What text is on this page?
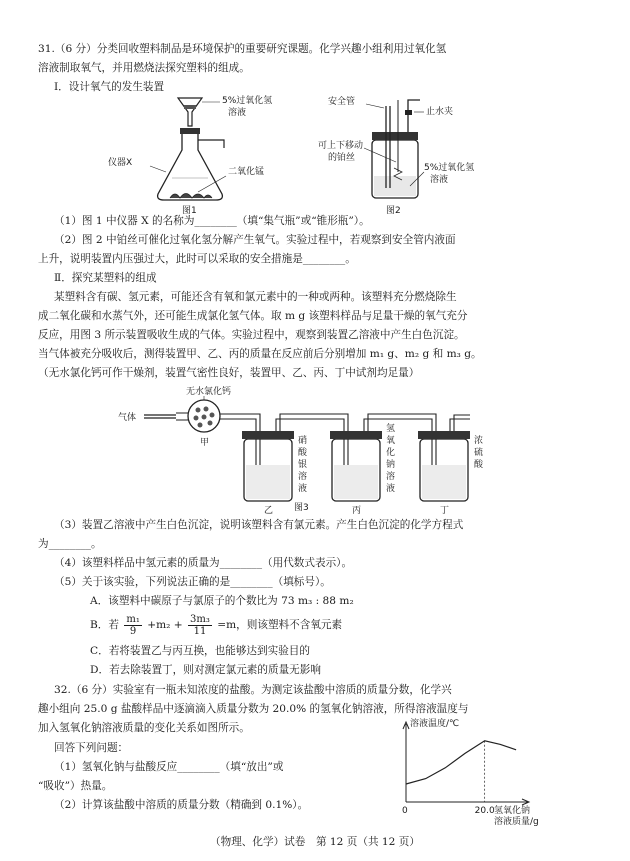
31.（6 分）分类回收塑料制品是环境保护的重要研究课题。化学兴趣小组利用过氧化氢
溶液制取氧气，并用燃烧法探究塑料的组成。
Ⅰ．设计氧气的发生装置
5%过氧化氢
溶液
仪器X
二氧化锰
图1
安全管
止水夹
可上下移动
的铂丝
5%过氧化氢
溶液
图2
（1）图 1 中仪器 X 的名称为________（填“集气瓶”或“锥形瓶”）。
（2）图 2 中铂丝可催化过氧化氢分解产生氧气。实验过程中，若观察到安全管内液面
上升，说明装置内压强过大，此时可以采取的安全措施是________。
Ⅱ．探究某塑料的组成
某塑料含有碳、氢元素，可能还含有氧和氯元素中的一种或两种。该塑料充分燃烧除生
成二氧化碳和水蒸气外，还可能生成氯化氢气体。取 m g 该塑料样品与足量干燥的氧气充分
反应，用图 3 所示装置吸收生成的气体。实验过程中，观察到装置乙溶液中产生白色沉淀。
当气体被充分吸收后，测得装置甲、乙、丙的质量在反应前后分别增加 m₁ g、m₂ g 和 m₃ g。
（无水氯化钙可作干燥剂，装置气密性良好，装置甲、乙、丙、丁中试剂均足量）
气体
无水氯化钙
甲
乙
硝
酸
银
溶
液
丙
氢
氧
化
钠
溶
液
丁
浓
硫
酸
图3
（3）装置乙溶液中产生白色沉淀，说明该塑料含有氯元素。产生白色沉淀的化学方程式
为________。
（4）该塑料样品中氢元素的质量为________（用代数式表示）。
（5）关于该实验，下列说法正确的是________（填标号）。
A．该塑料中碳原子与氯原子的个数比为 73 m₃ : 88 m₂
B．若 $\frac{\text{m₁}}{9} +m_2 + \frac{\text{3m₃}}{11} =m$，则该塑料不含氧元素
C．若将装置乙与丙互换，也能够达到实验目的
D．若去除装置丁，则对测定氯元素的质量无影响
32.（6 分）实验室有一瓶未知浓度的盐酸。为测定该盐酸中溶质的质量分数，化学兴
趣小组向 25.0 g 盐酸样品中逐滴滴入质量分数为 20.0% 的氢氧化钠溶液，所得溶液温度与
加入氢氧化钠溶液质量的变化关系如图所示。
回答下列问题：
（1）氢氧化钠与盐酸反应________（填“放出”或
“吸收”）热量。
（2）计算该盐酸中溶质的质量分数（精确到 0.1%）。
溶液温度/℃
0	20.0 氢氧化钠
溶液质量/g
（物理、化学）试卷　第 12 页（共 12 页）
